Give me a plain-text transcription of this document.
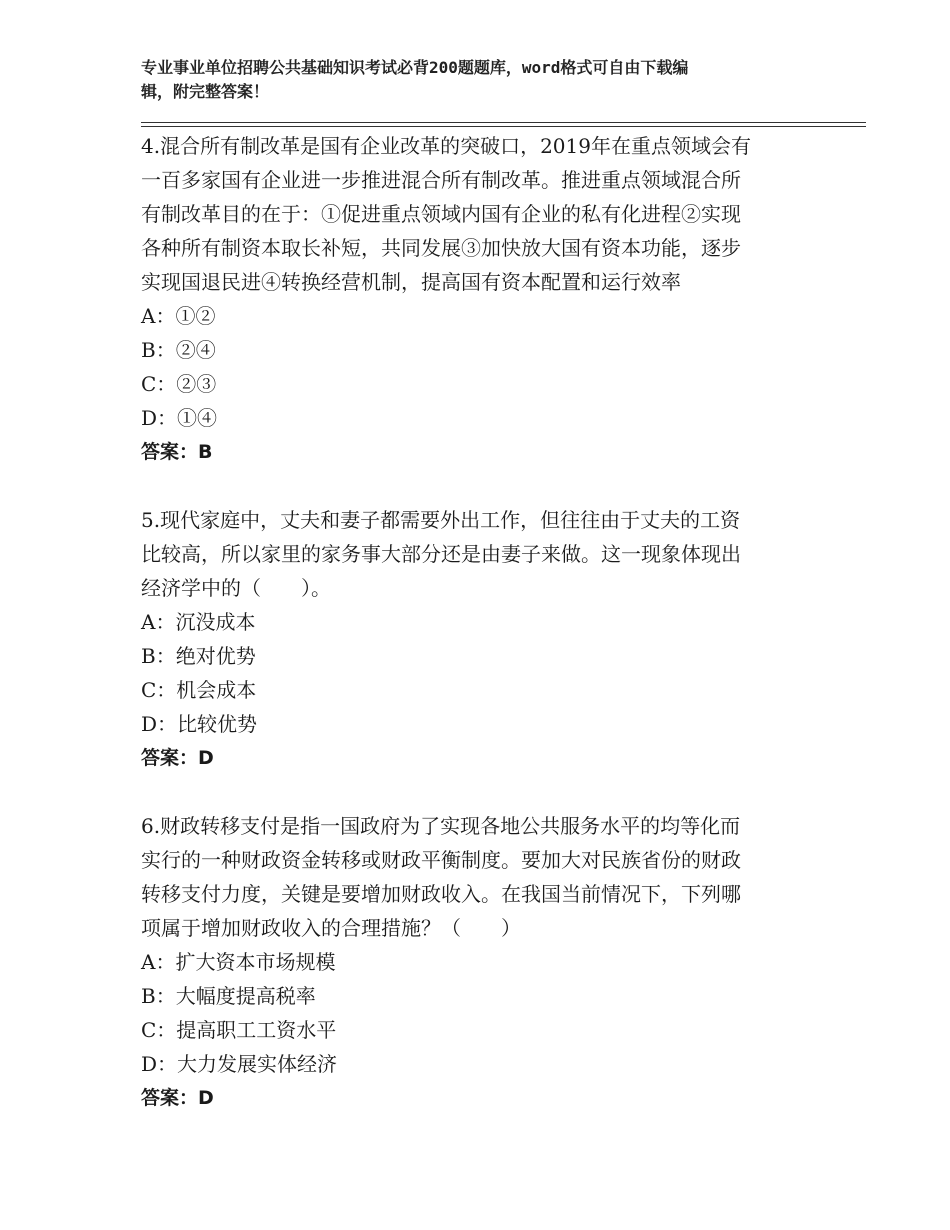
专业事业单位招聘公共基础知识考试必背200题题库，word格式可自由下载编
辑，附完整答案！
4.混合所有制改革是国有企业改革的突破口，2019年在重点领域会有
一百多家国有企业进一步推进混合所有制改革。推进重点领域混合所
有制改革目的在于：①促进重点领域内国有企业的私有化进程②实现
各种所有制资本取长补短，共同发展③加快放大国有资本功能，逐步
实现国退民进④转换经营机制，提高国有资本配置和运行效率
A：①②
B：②④
C：②③
D：①④
答案：B
5.现代家庭中，丈夫和妻子都需要外出工作，但往往由于丈夫的工资
比较高，所以家里的家务事大部分还是由妻子来做。这一现象体现出
经济学中的（　　）。
A：沉没成本
B：绝对优势
C：机会成本
D：比较优势
答案：D
6.财政转移支付是指一国政府为了实现各地公共服务水平的均等化而
实行的一种财政资金转移或财政平衡制度。要加大对民族省份的财政
转移支付力度，关键是要增加财政收入。在我国当前情况下，下列哪
项属于增加财政收入的合理措施？（　　）
A：扩大资本市场规模
B：大幅度提高税率
C：提高职工工资水平
D：大力发展实体经济
答案：D
